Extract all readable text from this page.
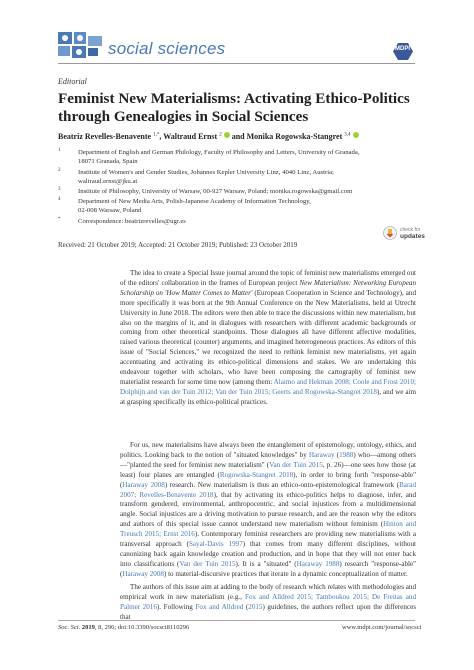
social sciences	MDPI
Editorial
Feminist New Materialisms: Activating Ethico-Politics through Genealogies in Social Sciences
Beatriz Revelles-Benavente $^{1,*}$, Waltraud Ernst $^2$  and Monika Rogowska-Stangret $^{3,4}$
1	Department of English and German Philology, Faculty of Philosophy and Letters, University of Granada,
18071 Granada, Spain
2	Institute of Women's and Gender Studies, Johannes Kepler University Linz, 4040 Linz, Austria;
waltraud.ernst@jku.at
3	Institute of Philosophy, University of Warsaw, 00-927 Warsaw, Poland; monika.rogowska@gmail.com
4	Department of New Media Arts, Polish-Japanese Academy of Information Technology,
02-008 Warsaw, Poland
*	Correspondence: beatrizrevelles@ugr.es
check for
updates
Received: 21 October 2019; Accepted: 21 October 2019; Published: 23 October 2019

The idea to create a Special Issue journal around the topic of feminist new materialisms emerged out of the editors' collaboration in the frames of European project New Materialism: Networking European Scholarship on 'How Matter Comes to Matter' (European Cooperation in Science and Technology), and more specifically it was born at the 9th Annual Conference on the New Materialisms, held at Utrecht University in June 2018. The editors were then able to trace the discussions within new materialism, but also on the margins of it, and in dialogues with researchers with different academic backgrounds or coming from other theoretical standpoints. Those dialogues all have different affective modalities, raised various theoretical (counter) arguments, and imagined heterogeneous practices. As editors of this issue of "Social Sciences," we recognized the need to rethink feminist new materialisms, yet again accentuating and activating its ethico-political dimensions and stakes. We are undertaking this endeavour together with scholars, who have been composing the cartography of feminist new materialist research for some time now (among them: Alaimo and Hekman 2008; Coole and Frost 2010; Dolphijn and van der Tuin 2012; Van der Tuin 2015; Geerts and Rogowska-Stangret 2018), and we aim at grasping specifically its ethico-political practices.

For us, new materialisms have always been the entanglement of epistemology, ontology, ethics, and politics. Looking back to the notion of "situated knowledges" by Haraway (1988) who—among others—"planted the seed for feminist new materialism" (Van der Tuin 2015, p. 26)—one sees how those (at least) four planes are entangled (Rogowska-Stangret 2018), in order to bring forth "response-able" (Haraway 2008) research. New materialism is thus an ethico-onto-epistemological framework (Barad 2007; Revelles-Benavente 2018), that by activating its ethico-politics helps to diagnose, infer, and transform gendered, environmental, anthropocentric, and social injustices from a multidimensional angle. Social injustices are a driving motivation to pursue research, and are the reason why the editors and authors of this special issue cannot understand new materialism without feminism (Hinton and Treusch 2015; Ernst 2016). Contemporary feminist researchers are providing new materialisms with a transversal approach (Sayal-Davis 1997) that comes from many different disciplines, without canonizing back again knowledge creation and production, and in hope that they will not enter back into classifications (Van der Tuin 2015). It is a "situated" (Haraway 1988) research "response-able" (Haraway 2008) to material-discursive practices that iterate in a dynamic conceptualization of matter.

The authors of this issue aim at adding to the body of research which relates with methodologies and empirical work in new materialism (e.g., Fox and Alldred 2015; Tamboukou 2015; De Freitas and Palmer 2016). Following Fox and Alldred (2015) guidelines, the authors reflect upon the differences that

Soc. Sci. 2019, 8, 296; doi:10.3390/socsci8110296	www.mdpi.com/journal/socsci
